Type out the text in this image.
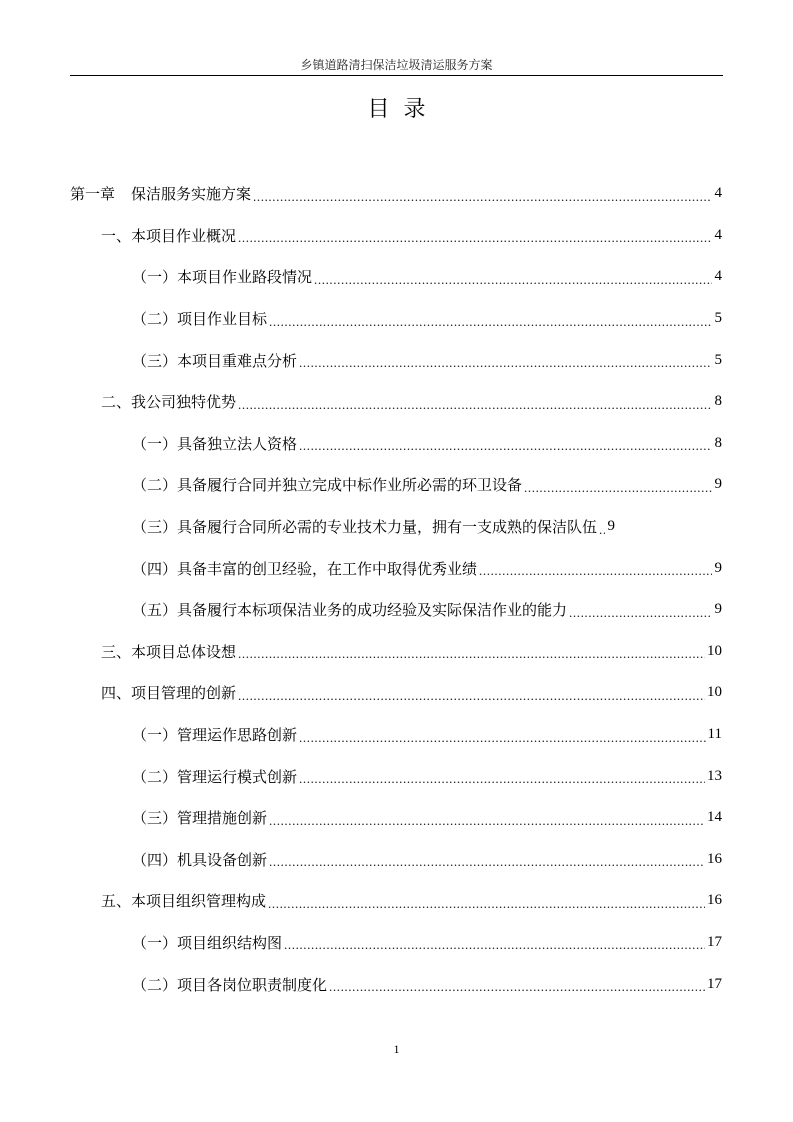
乡镇道路清扫保洁垃圾清运服务方案
目录
第一章 保洁服务实施方案 .....	4
一、本项目作业概况 .....	4
（一）本项目作业路段情况 .....	4
（二）项目作业目标 .....	5
（三）本项目重难点分析 .....	5
二、我公司独特优势 .....	8
（一）具备独立法人资格 .....	8
（二）具备履行合同并独立完成中标作业所必需的环卫设备 .....	9
（三）具备履行合同所必需的专业技术力量，拥有一支成熟的保洁队伍 ..... 9
（四）具备丰富的创卫经验，在工作中取得优秀业绩 .....	9
（五）具备履行本标项保洁业务的成功经验及实际保洁作业的能力 .....	9
三、本项目总体设想 .....	10
四、项目管理的创新 .....	10
（一）管理运作思路创新 .....	11
（二）管理运行模式创新 .....	13
（三）管理措施创新 .....	14
（四）机具设备创新 .....	16
五、本项目组织管理构成 .....	16
（一）项目组织结构图 .....	17
（二）项目各岗位职责制度化 .....	17
1
